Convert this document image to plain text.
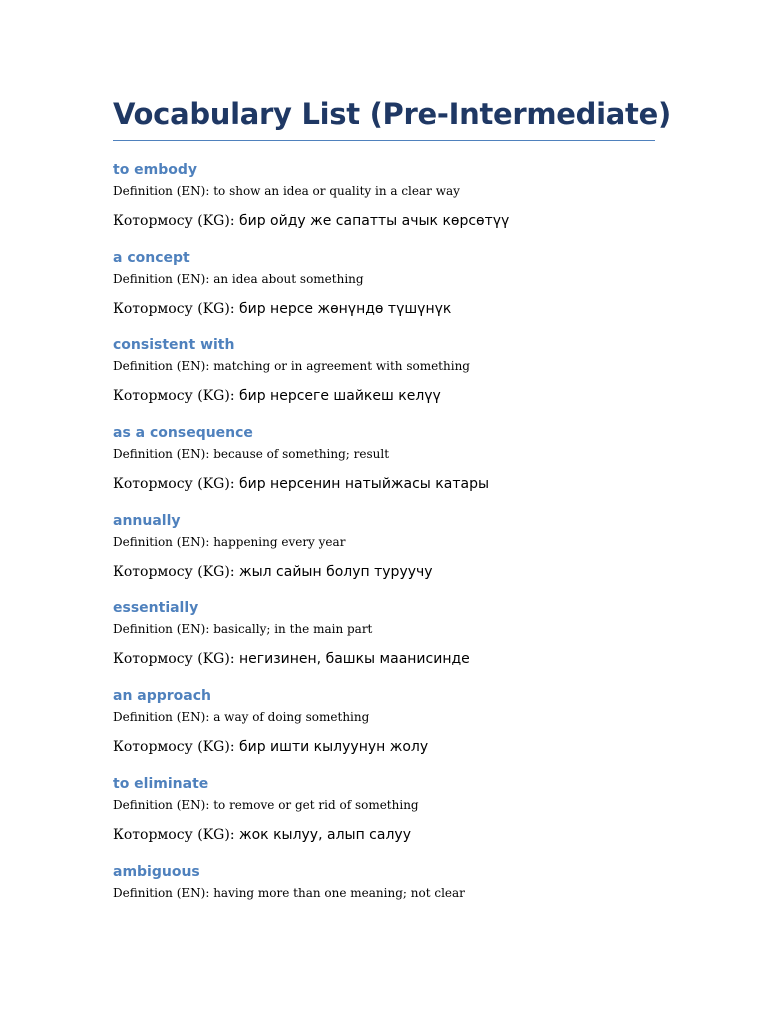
Vocabulary List (Pre-Intermediate)
to embody
Definition (EN): to show an idea or quality in a clear way
Котормосу (KG): бир ойду же сапатты ачык көрсөтүү
a concept
Definition (EN): an idea about something
Котормосу (KG): бир нерсе жөнүндө түшүнүк
consistent with
Definition (EN): matching or in agreement with something
Котормосу (KG): бир нерсеге шайкеш келүү
as a consequence
Definition (EN): because of something; result
Котормосу (KG): бир нерсенин натыйжасы катары
annually
Definition (EN): happening every year
Котормосу (KG): жыл сайын болуп туруучу
essentially
Definition (EN): basically; in the main part
Котормосу (KG): негизинен, башкы маанисинде
an approach
Definition (EN): a way of doing something
Котормосу (KG): бир ишти кылуунун жолу
to eliminate
Definition (EN): to remove or get rid of something
Котормосу (KG): жок кылуу, алып салуу
ambiguous
Definition (EN): having more than one meaning; not clear
